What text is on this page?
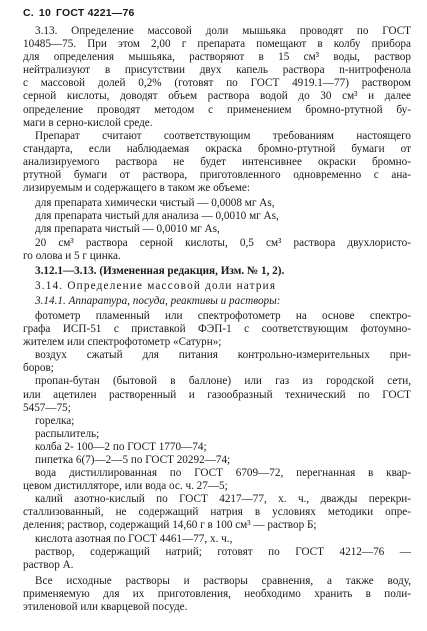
С. 10 ГОСТ 4221—76
3.13. Определение массовой доли мышьяка проводят по ГОСТ
10485—75. При этом 2,00 г препарата помещают в колбу прибора
для определения мышьяка, растворяют в 15 см³ воды, раствор
нейтрализуют в присутствии двух капель раствора n-нитрофенола
с массовой долей 0,2% (готовят по ГОСТ 4919.1—77) раствором
серной кислоты, доводят объем раствора водой до 30 см³ и далее
определение проводят методом с применением бромно-ртутной бу-
маги в серно-кислой среде.
Препарат считают соответствующим требованиям настоящего
стандарта, если наблюдаемая окраска бромно-ртутной бумаги от
анализируемого раствора не будет интенсивнее окраски бромно-
ртутной бумаги от раствора, приготовленного одновременно с ана-
лизируемым и содержащего в таком же объеме:
для препарата химически чистый — 0,0008 мг As,
для препарата чистый для анализа — 0,0010 мг As,
для препарата чистый — 0,0010 мг As,
20 см³ раствора серной кислоты, 0,5 см³ раствора двухлористо-
го олова и 5 г цинка.
3.12.1—3.13. (Измененная редакция, Изм. № 1, 2).
3.14. Определение массовой доли натрия
3.14.1. Аппаратура, посуда, реактивы и растворы:
фотометр пламенный или спектрофотометр на основе спектро-
графа ИСП-51 с приставкой ФЭП-1 с соответствующим фотоумно-
жителем или спектрофотометр «Сатурн»;
воздух сжатый для питания контрольно-измерительных при-
боров;
пропан-бутан (бытовой в баллоне) или газ из городской сети,
или ацетилен растворенный и газообразный технический по ГОСТ
5457—75;
горелка;
распылитель;
колба 2- 100—2 по ГОСТ 1770—74;
пипетка 6(7)—2—5 по ГОСТ 20292—74;
вода дистиллированная по ГОСТ 6709—72, перегнанная в квар-
цевом дистилляторе, или вода ос. ч. 27—5;
калий азотно-кислый по ГОСТ 4217—77, х. ч., дважды перекри-
сталлизованный, не содержащий натрия в условиях методики опре-
деления; раствор, содержащий 14,60 г в 100 см³ — раствор Б;
кислота азотная по ГОСТ 4461—77, х. ч.,
раствор, содержащий натрий; готовят по ГОСТ 4212—76 —
раствор А.
Все исходные растворы и растворы сравнения, а также воду,
применяемую для их приготовления, необходимо хранить в поли-
этиленовой или кварцевой посуде.
